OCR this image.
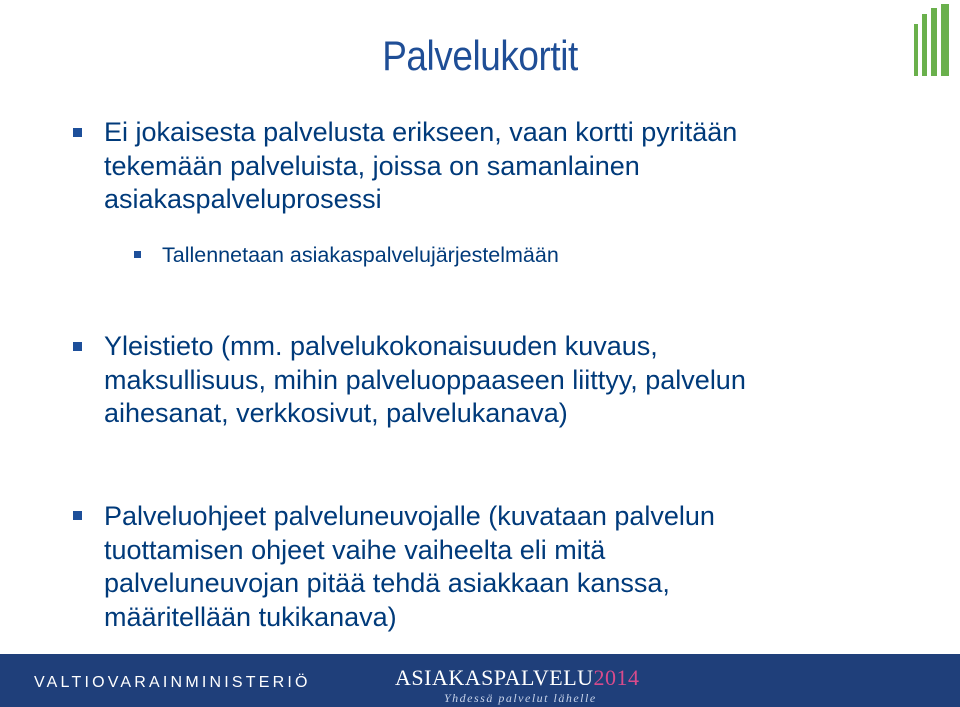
Palvelukortit
Ei jokaisesta palvelusta erikseen, vaan kortti pyritään
tekemään palveluista, joissa on samanlainen
asiakaspalveluprosessi
Tallennetaan asiakaspalvelujärjestelmään
Yleistieto (mm. palvelukokonaisuuden kuvaus,
maksullisuus, mihin palveluoppaaseen liittyy, palvelun
aihesanat, verkkosivut, palvelukanava)
Palveluohjeet palveluneuvojalle (kuvataan palvelun
tuottamisen ohjeet vaihe vaiheelta eli mitä
palveluneuvojan pitää tehdä asiakkaan kanssa,
määritellään tukikanava)
VALTIOVARAINMINISTERIÖ	ASIAKASPALVELU2014
Yhdessä palvelut lähelle
